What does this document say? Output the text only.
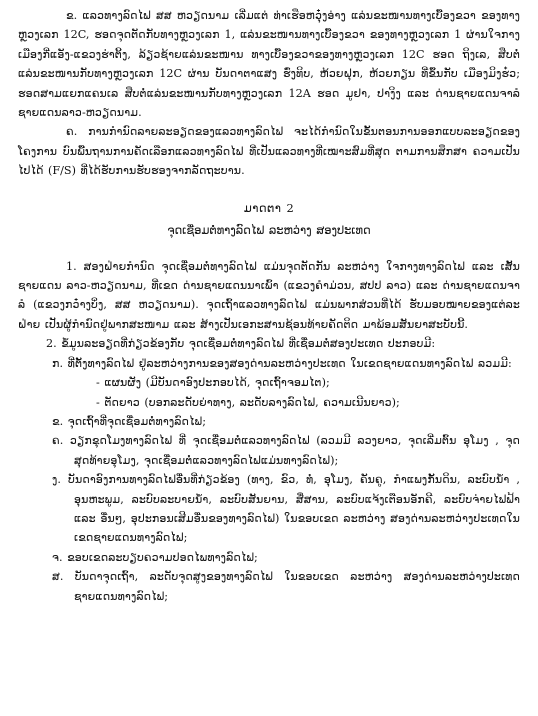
ຂ. ແລວທາງລົດໄຟ ສສ ຫວຽດນາມ ເລີ່ມແຕ່ ທ່າເຮືອຫວຸ໋ງອ່າງ ແລ່ນຂະໜານທາງເບື້ອງຂວາ ຂອງທາງຫຼວງເລກ 12C, ຮອດຈຸດຕັດກັບທາງຫຼວງເລກ 1, ແລ່ນຂະໜານທາງເບື້ອງຂວາ ຂອງທາງຫຼວງເລກ 1 ຜ່ານໃຈກາງເມືອງກີ່ແອັງ-ແຂວງຮ່າຕິ້ງ, ລ້ຽວຊ້າຍແລ່ນຂະໜານ ທາງເບື້ອງຂວາຂອງທາງຫຼວງເລກ 12C ຮອດ ຖິງເລ, ສືບຕໍ່ແລ່ນຂະໜານກັບທາງຫຼວງເລກ 12C ຜ່ານ ບັນດາຕາແສງ ຮົ່ງທິບ, ຫ້ວຍຝຸກ, ຫ້ວຍກຽນ ທີ່ຂຶ້ນກັບ ເມືອງມິງຮ໋ວ; ຮອດສາມແຍກແຄນເລ ສືບຕໍ່ແລ່ນຂະໜານກັບທາງຫຼວງເລກ 12A ຮອດ ມູຢາ, ປາງິງ ແລະ ດ່ານຊາຍແດນຈາລໍ ຊາຍແດນລາວ-ຫວຽດນາມ.

ຄ. ການກຳນົດລາຍລະອຽດຂອງແລວທາງລົດໄຟ ຈະໄດ້ກຳນົດໃນຂັ້ນຕອນການອອກແບບລະອຽດຂອງໂຄງການ ບົນພື້ນຖານການຄັດເລືອກແລວທາງລົດໄຟ ທີ່ເປັນແລວທາງທີ່ເໝາະສົມທີ່ສຸດ ຕາມການສຶກສາ ຄວາມເປັນໄປໄດ້ (F/S) ທີ່ໄດ້ຮັບການຮັບຮອງຈາກລັດຖະບານ.

ມາດຕາ 2

ຈຸດເຊື່ອມຕໍ່ທາງລົດໄຟ ລະຫວ່າງ ສອງປະເທດ

1. ສອງຝ່າຍກຳນົດ ຈຸດເຊື່ອມຕໍ່ທາງລົດໄຟ ແມ່ນຈຸດຕັດກັນ ລະຫວ່າງ ໃຈກາງທາງລົດໄຟ ແລະ ເສັ້ນຊາຍແດນ ລາວ-ຫວຽດນາມ, ທີ່ເຂດ ດ່ານຊາຍແດນນາເພົ້າ (ແຂວງຄຳມ່ວນ, ສປປ ລາວ) ແລະ ດ່ານຊາຍແດນຈາລໍ (ແຂວງກວ໋າງບິ່ງ, ສສ ຫວຽດນາມ). ຈຸດເຖົ້າແລວທາງລົດໄຟ ແມ່ນພາກສ່ວນທີ່ໄດ້ ຮັບມອບໝາຍຂອງແຕ່ລະຝ່າຍ ເປັນຜູ້ກຳນົດຢູ່ພາກສະໜາມ ແລະ ສ້າງເປັນເອກະສານຊ້ອນທ້າຍຄັດຕິດ ມາພ້ອມສັນຍາສະບັບນີ້.

2. ຂໍ້ມູນລະອຽດທີ່ກ່ຽວຂ້ອງກັບ ຈຸດເຊື່ອມຕໍ່ທາງລົດໄຟ ທີ່ເຊື່ອມຕໍ່ສອງປະເທດ ປະກອບມີ:

ກ. ທີ່ຕັ້ງທາງລົດໄຟ ຢູ່ລະຫວ່າງການຂອງສອງດ່ານລະຫວ່າງປະເທດ ໃນເຂດຊາຍແດນທາງລົດໄຟ ລວມມີ:

- ແຜນຜັງ (ມີບັນດາອົງປະກອບໄດ້, ຈຸດເຖົ້າຈອມໄຕ);

- ຕັດຍາວ (ບອກລະດັບຍ່າທາງ, ລະດັບລາງລົດໄຟ, ຄວາມເນີນຍາວ);

ຂ. ຈຸດເຖົ້າທີ່ຈຸດເຊື່ອມຕໍ່ທາງລົດໄຟ;

ຄ. ວຽກຂຸດໂມງທາງລົດໄຟ ທີ່ ຈຸດເຊື່ອມຕໍ່ແລວທາງລົດໄຟ (ລວມມີ ລວງຍາວ, ຈຸດເລີ່ມຕົ້ນ ອຸໂມງ , ຈຸດສຸດທ້າຍອຸໂມງ, ຈຸດເຊື່ອມຕໍ່ແລວທາງລົດໄຟແມ່ນທາງລົດໄຟ);

ງ. ບັນດາອົງການທາງລົດໄຟອື່ນທີ່ກ່ຽວຂ້ອງ (ທາງ, ຂົວ, ທໍ່, ອຸໂມງ, ຄັນຄູ, ກຳແພງກັ້ນດິນ, ລະບົບນ້ຳ , ອຸນຫະພູມ, ລະບົບລະບາຍນ້ຳ, ລະບົບສັນຍານ, ສື່ສານ, ລະບົບແຈ້ງເຕືອນອັກຄີ, ລະບົບຈ່າຍໄຟຟ້າ ແລະ ອື່ນໆ, ອຸປະກອນເສີມອື່ນຂອງທາງລົດໄຟ) ໃນຂອບເຂດ ລະຫວ່າງ ສອງດ່ານລະຫວ່າງປະເທດໃນເຂດຊາຍແດນທາງລົດໄຟ;

ຈ. ຂອບເຂດລະບຽບຄວາມປອດໄພທາງລົດໄຟ;

ສ. ບັນດາຈຸດເຖົ້າ, ລະດັບຈຸດສູງຂອງທາງລົດໄຟ ໃນຂອບເຂດ ລະຫວ່າງ ສອງດ່ານລະຫວ່າງປະເທດ ຊາຍແດນທາງລົດໄຟ;
